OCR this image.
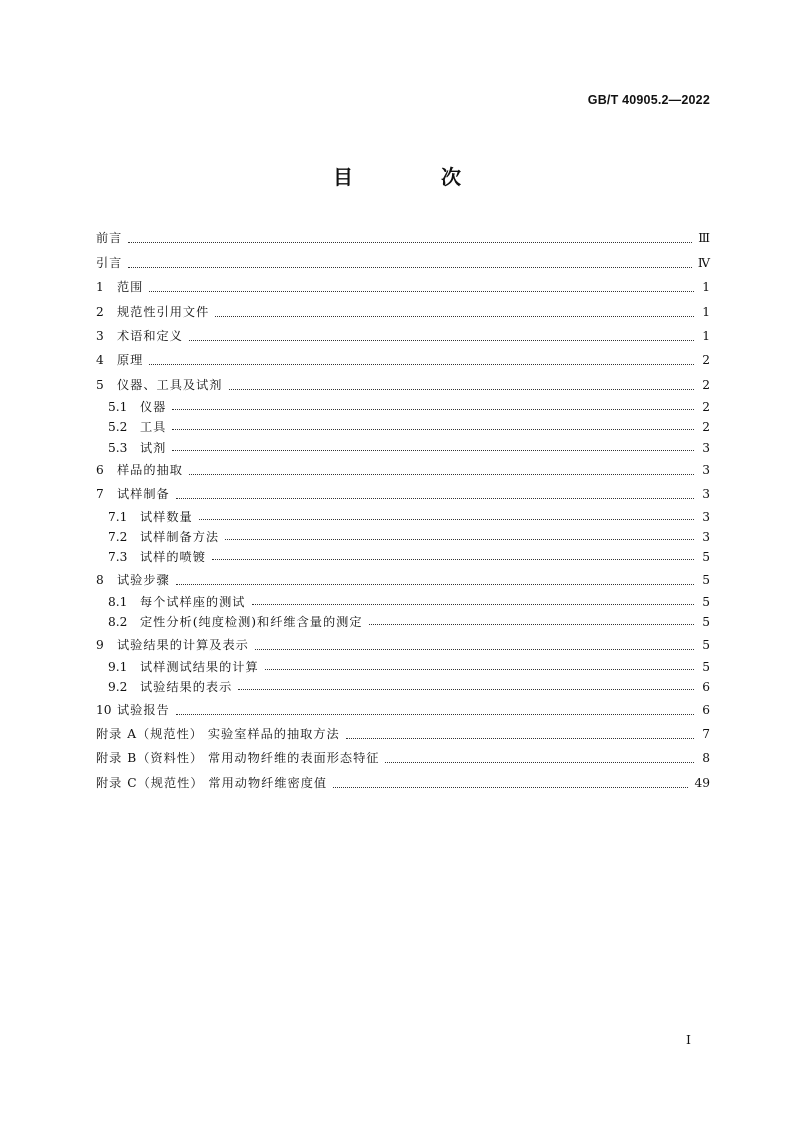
GB/T 40905.2—2022
目　次
前言	Ⅲ
引言	Ⅳ
1	范围	1
2	规范性引用文件	1
3	术语和定义	1
4	原理	2
5	仪器、工具及试剂	2
5.1	仪器	2
5.2	工具	2
5.3	试剂	3
6	样品的抽取	3
7	试样制备	3
7.1	试样数量	3
7.2	试样制备方法	3
7.3	试样的喷镀	5
8	试验步骤	5
8.1	每个试样座的测试	5
8.2	定性分析(纯度检测)和纤维含量的测定	5
9	试验结果的计算及表示	5
9.1	试样测试结果的计算	5
9.2	试验结果的表示	6
10 试验报告	6
附录 A（规范性） 实验室样品的抽取方法	7
附录 B（资料性） 常用动物纤维的表面形态特征	8
附录 C（规范性） 常用动物纤维密度值	49
I
